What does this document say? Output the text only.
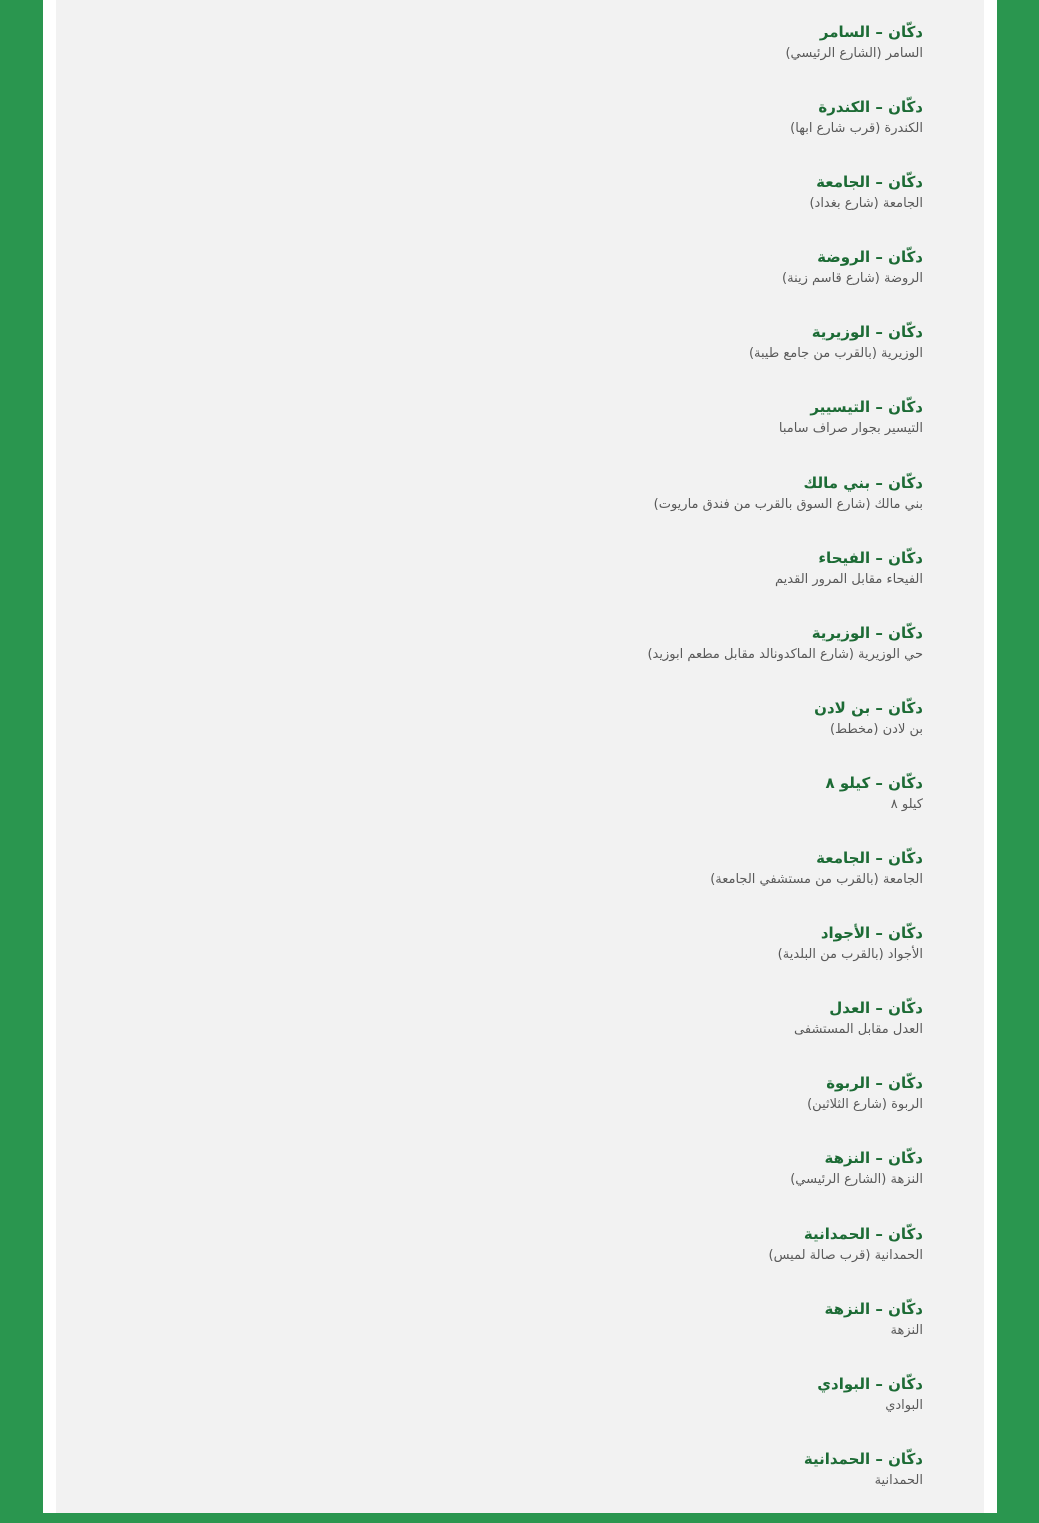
دكّان – السامر
السامر (الشارع الرئيسي)
دكّان – الكندرة
الكندرة (قرب شارع ابها)
دكّان – الجامعة
الجامعة (شارع بغداد)
دكّان – الروضة
الروضة (شارع قاسم زينة)
دكّان – الوزيرية
الوزيرية (بالقرب من جامع طيبة)
دكّان – التيسيير
التيسير بجوار صراف سامبا
دكّان – بني مالك
بني مالك (شارع السوق بالقرب من فندق ماريوت)
دكّان – الفيحاء
الفيحاء مقابل المرور القديم
دكّان – الوزيرية
حي الوزيرية (شارع الماكدونالد مقابل مطعم ابوزيد)
دكّان – بن لادن
بن لادن (مخطط)
دكّان – كيلو ٨
كيلو ٨
دكّان – الجامعة
الجامعة (بالقرب من مستشفي الجامعة)
دكّان – الأجواد
الأجواد (بالقرب من البلدية)
دكّان – العدل
العدل مقابل المستشفى
دكّان – الربوة
الربوة (شارع الثلاثين)
دكّان – النزهة
النزهة (الشارع الرئيسي)
دكّان – الحمدانية
الحمدانية (قرب صالة لميس)
دكّان – النزهة
النزهة
دكّان – البوادي
البوادي
دكّان – الحمدانية
الحمدانية
